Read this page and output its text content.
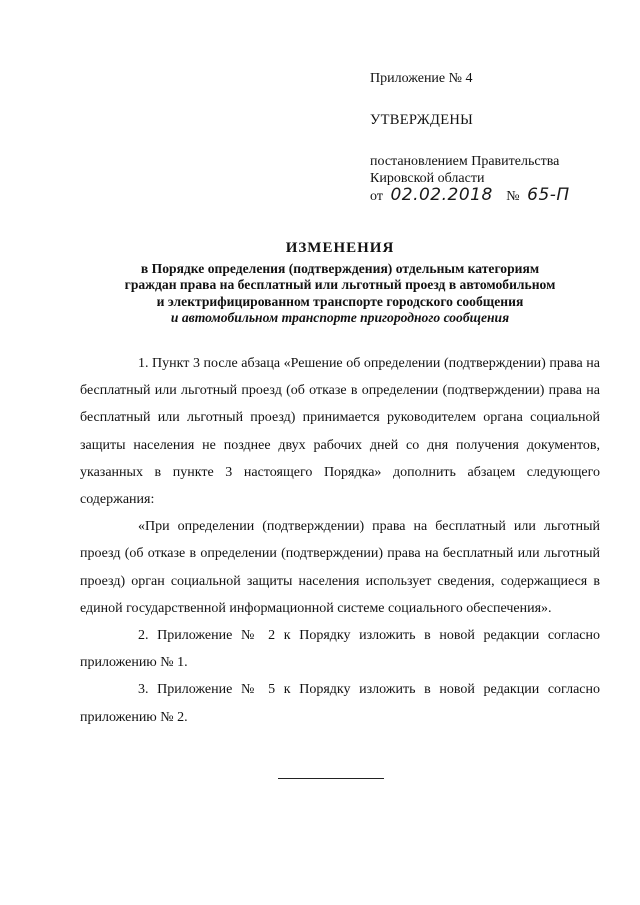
Приложение № 4
УТВЕРЖДЕНЫ
постановлением Правительства
Кировской области
от 02.02.2018 № 65-П
ИЗМЕНЕНИЯ
в Порядке определения (подтверждения) отдельным категориям
граждан права на бесплатный или льготный проезд в автомобильном
и электрифицированном транспорте городского сообщения
и автомобильном транспорте пригородного сообщения

1. Пункт 3 после абзаца «Решение об определении (подтверждении) права на бесплатный или льготный проезд (об отказе в определении (подтверждении) права на бесплатный или льготный проезд) принимается руководителем органа социальной защиты населения не позднее двух рабочих дней со дня получения документов, указанных в пункте 3 настоящего Порядка» дополнить абзацем следующего содержания:

«При определении (подтверждении) права на бесплатный или льготный проезд (об отказе в определении (подтверждении) права на бесплатный или льготный проезд) орган социальной защиты населения использует сведения, содержащиеся в единой государственной информационной системе социального обеспечения».

2. Приложение № 2 к Порядку изложить в новой редакции согласно приложению № 1.

3. Приложение № 5 к Порядку изложить в новой редакции согласно приложению № 2.
